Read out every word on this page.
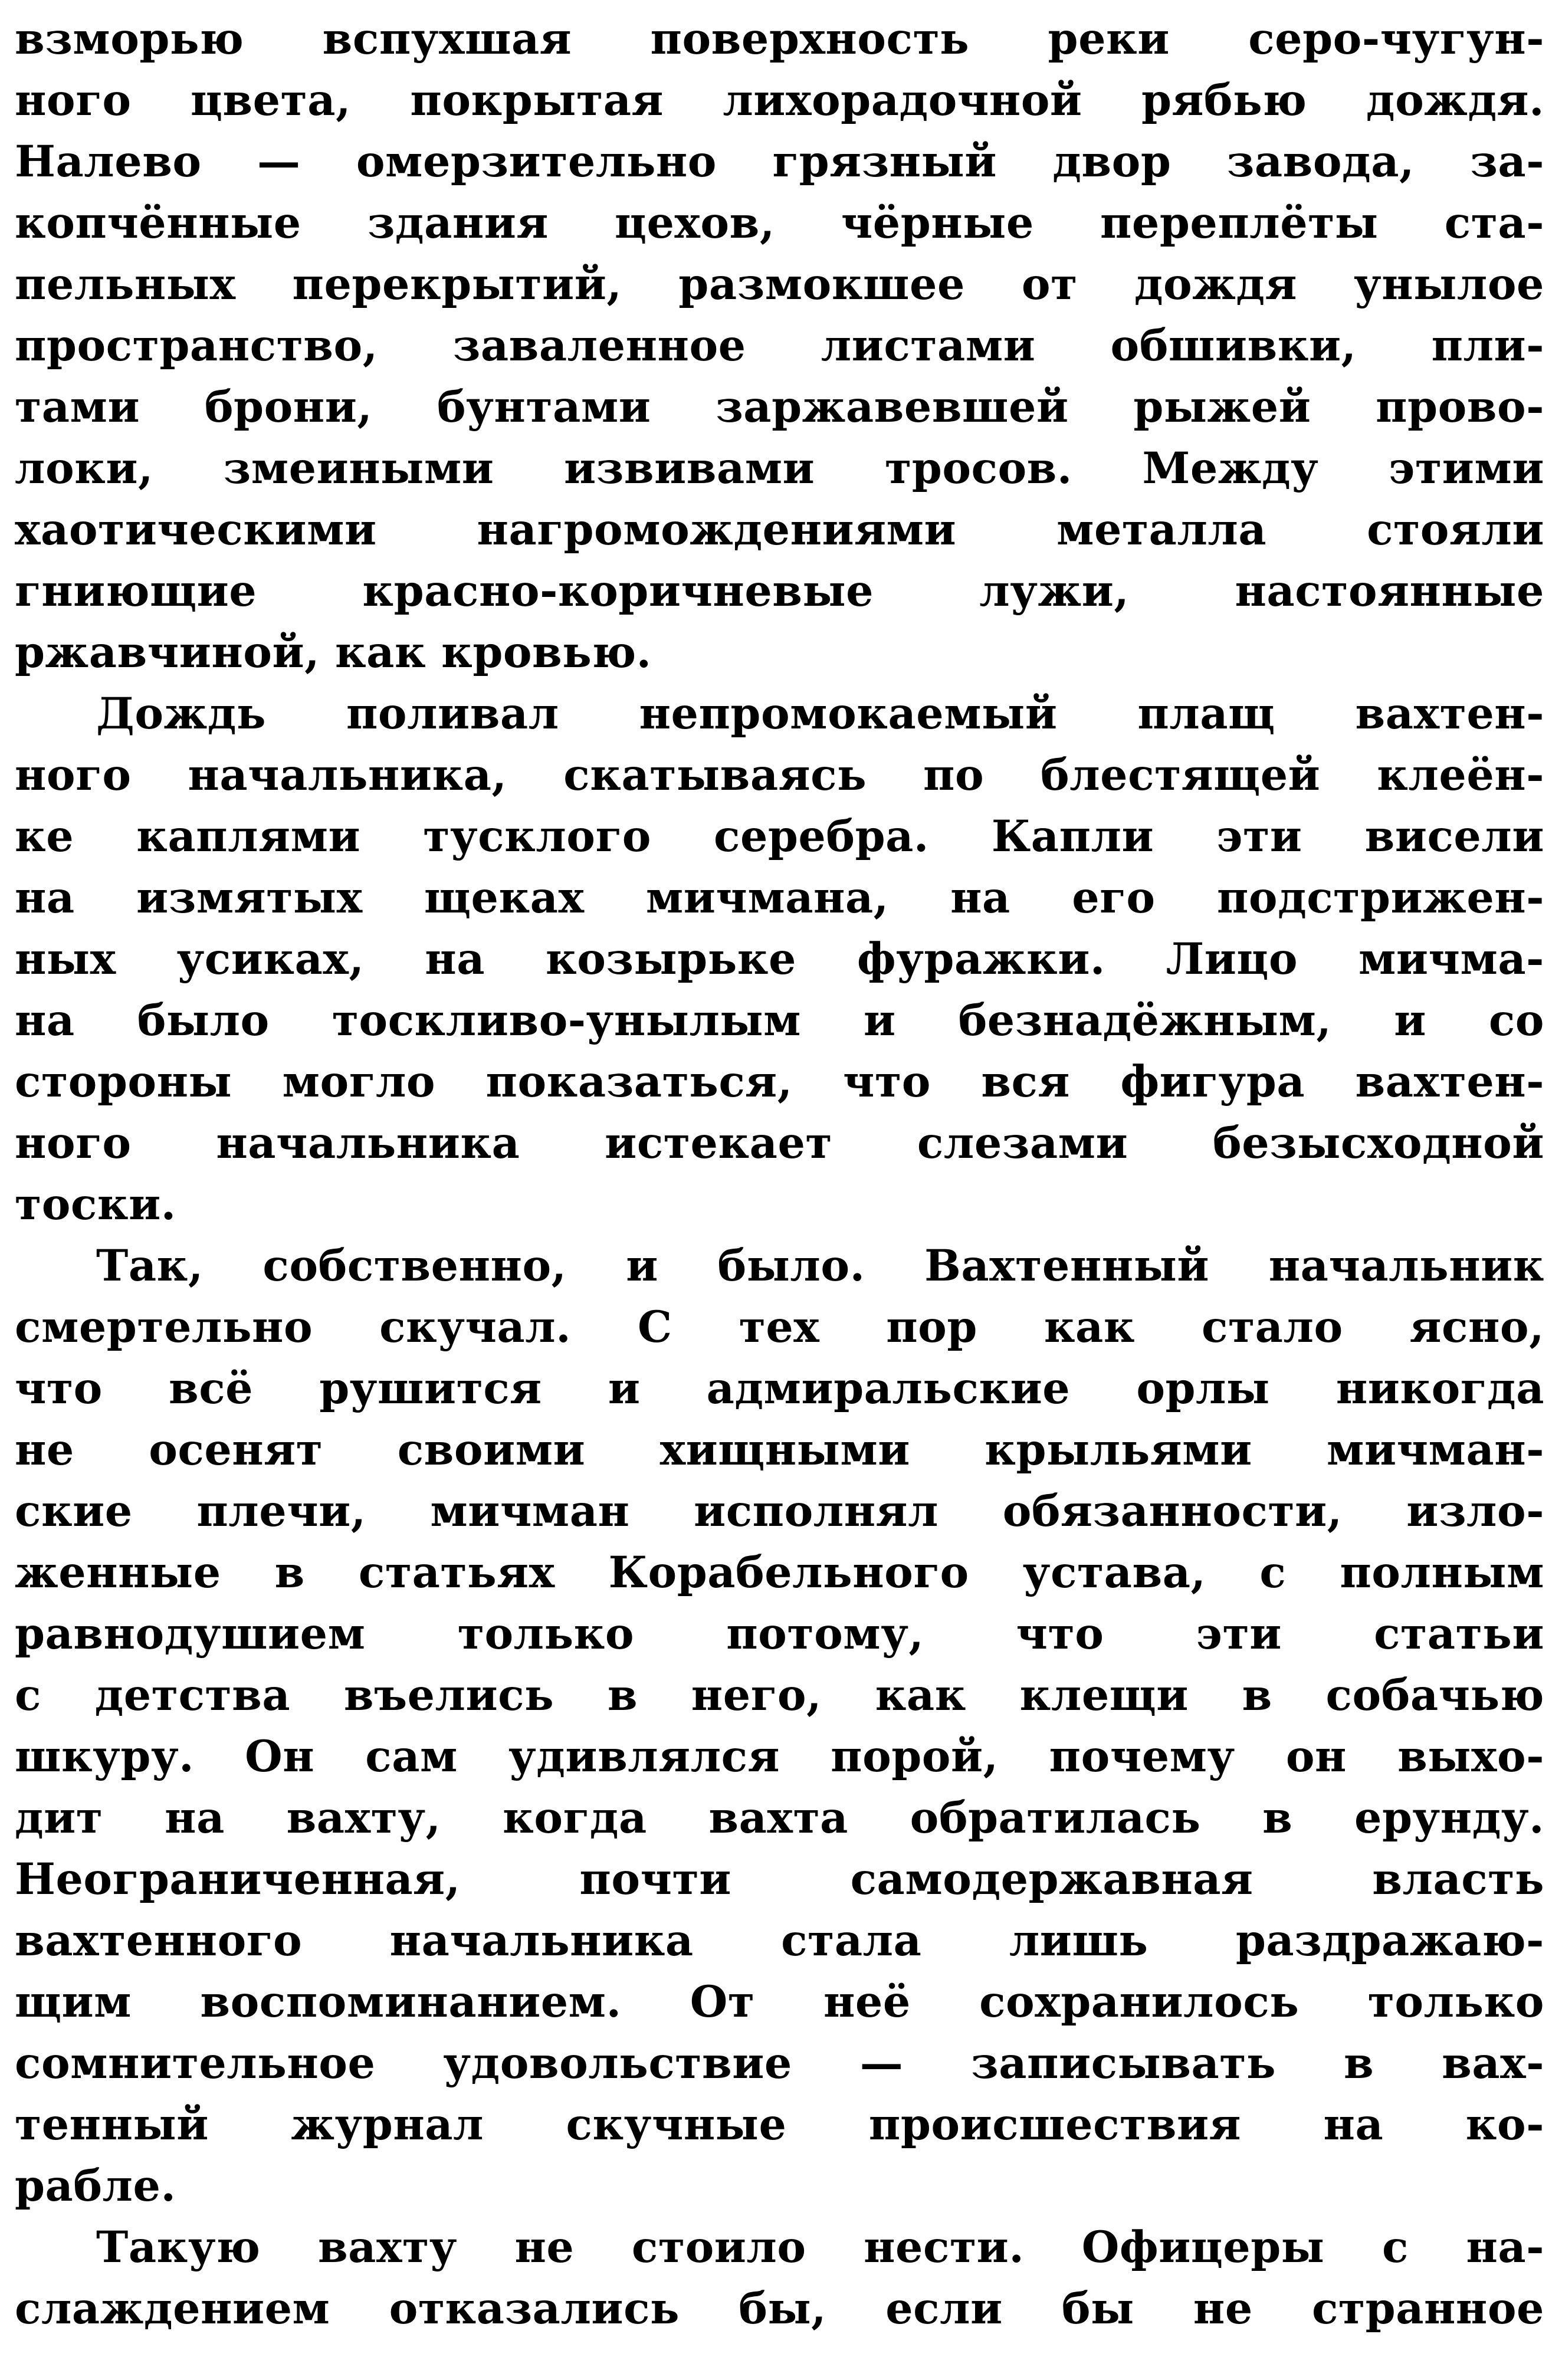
взморью вспухшая поверхность реки серо-чугун-
ного цвета, покрытая лихорадочной рябью дождя.
Налево — омерзительно грязный двор завода, за-
копчённые здания цехов, чёрные переплёты ста-
пельных перекрытий, размокшее от дождя унылое
пространство, заваленное листами обшивки, пли-
тами брони, бунтами заржавевшей рыжей прово-
локи, змеиными извивами тросов. Между этими
хаотическими нагромождениями металла стояли
гниющие красно-коричневые лужи, настоянные
ржавчиной, как кровью.
Дождь поливал непромокаемый плащ вахтен-
ного начальника, скатываясь по блестящей клеён-
ке каплями тусклого серебра. Капли эти висели
на измятых щеках мичмана, на его подстрижен-
ных усиках, на козырьке фуражки. Лицо мичма-
на было тоскливо-унылым и безнадёжным, и со
стороны могло показаться, что вся фигура вахтен-
ного начальника истекает слезами безысходной
тоски.
Так, собственно, и было. Вахтенный начальник
смертельно скучал. С тех пор как стало ясно,
что всё рушится и адмиральские орлы никогда
не осенят своими хищными крыльями мичман-
ские плечи, мичман исполнял обязанности, изло-
женные в статьях Корабельного устава, с полным
равнодушием только потому, что эти статьи
с детства въелись в него, как клещи в собачью
шкуру. Он сам удивлялся порой, почему он выхо-
дит на вахту, когда вахта обратилась в ерунду.
Неограниченная, почти самодержавная власть
вахтенного начальника стала лишь раздражаю-
щим воспоминанием. От неё сохранилось только
сомнительное удовольствие — записывать в вах-
тенный журнал скучные происшествия на ко-
рабле.
Такую вахту не стоило нести. Офицеры с на-
слаждением отказались бы, если бы не странное
